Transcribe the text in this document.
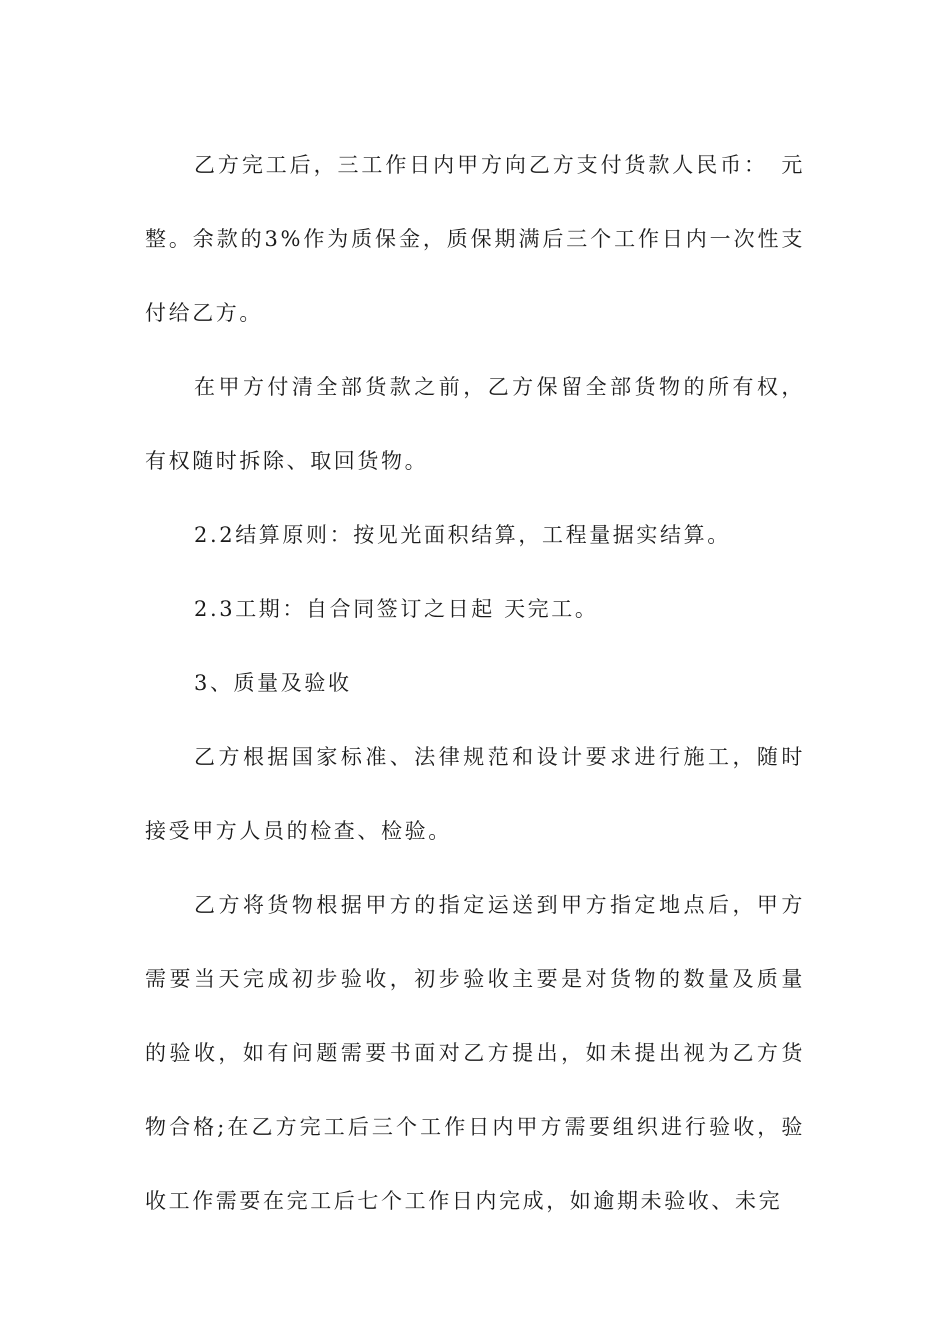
乙方完工后，三工作日内甲方向乙方支付货款人民币：　元整。余款的3%作为质保金，质保期满后三个工作日内一次性支付给乙方。

在甲方付清全部货款之前，乙方保留全部货物的所有权，有权随时拆除、取回货物。

2.2结算原则：按见光面积结算，工程量据实结算。

2.3工期：自合同签订之日起 天完工。

3、质量及验收

乙方根据国家标准、法律规范和设计要求进行施工，随时接受甲方人员的检查、检验。

乙方将货物根据甲方的指定运送到甲方指定地点后，甲方需要当天完成初步验收，初步验收主要是对货物的数量及质量的验收，如有问题需要书面对乙方提出，如未提出视为乙方货物合格;在乙方完工后三个工作日内甲方需要组织进行验收，验收工作需要在完工后七个工作日内完成，如逾期未验收、未完
